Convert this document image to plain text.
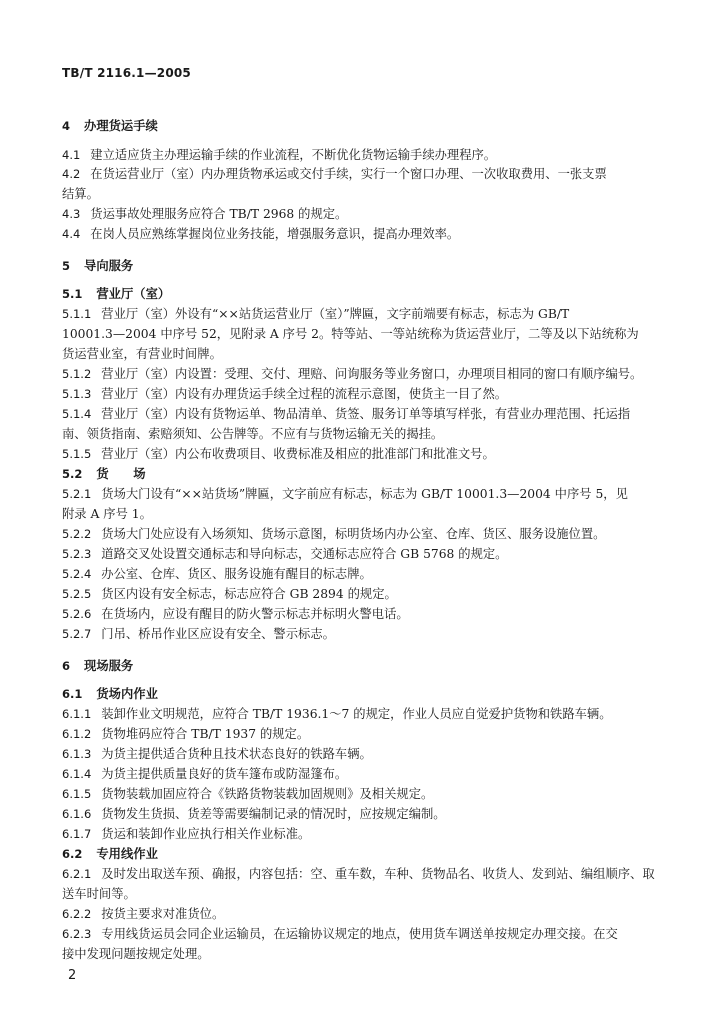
TB/T 2116.1—2005
4 办理货运手续
4.1 建立适应货主办理运输手续的作业流程，不断优化货物运输手续办理程序。
4.2 在货运营业厅（室）内办理货物承运或交付手续，实行一个窗口办理、一次收取费用、一张支票
结算。
4.3 货运事故处理服务应符合 TB/T 2968 的规定。
4.4 在岗人员应熟练掌握岗位业务技能，增强服务意识，提高办理效率。
5 导向服务
5.1 营业厅（室）
5.1.1 营业厅（室）外设有“××站货运营业厅（室）”牌匾，文字前端要有标志，标志为 GB/T
10001.3—2004 中序号 52，见附录 A 序号 2。特等站、一等站统称为货运营业厅，二等及以下站统称为
货运营业室，有营业时间牌。
5.1.2 营业厅（室）内设置：受理、交付、理赔、问询服务等业务窗口，办理项目相同的窗口有顺序编号。
5.1.3 营业厅（室）内设有办理货运手续全过程的流程示意图，使货主一目了然。
5.1.4 营业厅（室）内设有货物运单、物品清单、货签、服务订单等填写样张，有营业办理范围、托运指
南、领货指南、索赔须知、公告牌等。不应有与货物运输无关的揭挂。
5.1.5 营业厅（室）内公布收费项目、收费标准及相应的批准部门和批准文号。
5.2 货　　场
5.2.1 货场大门设有“××站货场”牌匾，文字前应有标志，标志为 GB/T 10001.3—2004 中序号 5，见
附录 A 序号 1。
5.2.2 货场大门处应设有入场须知、货场示意图，标明货场内办公室、仓库、货区、服务设施位置。
5.2.3 道路交叉处设置交通标志和导向标志，交通标志应符合 GB 5768 的规定。
5.2.4 办公室、仓库、货区、服务设施有醒目的标志牌。
5.2.5 货区内设有安全标志，标志应符合 GB 2894 的规定。
5.2.6 在货场内，应设有醒目的防火警示标志并标明火警电话。
5.2.7 门吊、桥吊作业区应设有安全、警示标志。
6 现场服务
6.1 货场内作业
6.1.1 装卸作业文明规范，应符合 TB/T 1936.1～7 的规定，作业人员应自觉爱护货物和铁路车辆。
6.1.2 货物堆码应符合 TB/T 1937 的规定。
6.1.3 为货主提供适合货种且技术状态良好的铁路车辆。
6.1.4 为货主提供质量良好的货车篷布或防湿篷布。
6.1.5 货物装载加固应符合《铁路货物装载加固规则》及相关规定。
6.1.6 货物发生货损、货差等需要编制记录的情况时，应按规定编制。
6.1.7 货运和装卸作业应执行相关作业标准。
6.2 专用线作业
6.2.1 及时发出取送车预、确报，内容包括：空、重车数，车种、货物品名、收货人、发到站、编组顺序、取
送车时间等。
6.2.2 按货主要求对准货位。
6.2.3 专用线货运员会同企业运输员，在运输协议规定的地点，使用货车调送单按规定办理交接。在交
接中发现问题按规定处理。
2
